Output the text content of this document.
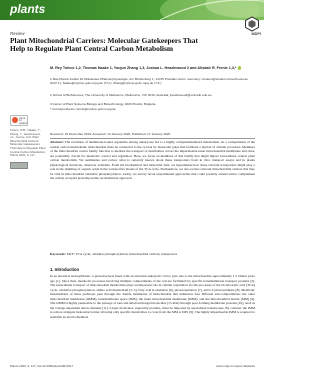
plants
MDPI
Review
Plant Mitochondrial Carriers: Molecular Gatekeepers That Help to Regulate Plant Central Carbon Metabolism
M. Rey Toleco 1,2, Thomas Naake 1, Youjun Zhang 1,3, Joshua L. Heazlewood 2 and Alisdair R. Fernie 1,3,*
1 Max-Planck-Institut für Molekulare Pflanzenphysiologie, Am Mühlenberg 1, 14476 Potsdam-Golm, Germany; mtoleco@student.unimelb.edu.au (M.R.T.); Naake@mpimp-golm.mpg.de (T.N.); Zhang@mpimp-golm.mpg.de (Y.Z.)
2 School of BioSciences, The University of Melbourne, Melbourne, VIC 3010, Australia; jheazlewood@unimelb.edu.au
3 Center of Plant Systems Biology and Biotechnology, 4000 Plovdiv, Bulgaria
* Correspondence: fernie@mpimp-golm.mpg.de
check for updates
Toleco, M.R.; Naake, T.; Zhang, Y.; Heazlewood, J.L.; Fernie, A.R. Plant Mitochondrial Carriers: Molecular Gatekeepers That Help to Regulate Plant Central Carbon Metabolism. Plants 2020, 9, 117.
Received: 19 December 2019; Accepted: 13 January 2020; Published: 17 January 2020
Abstract: The evolution of membrane-bound organelles among eukaryotes led to a highly compartmentalized metabolism. As a compartment of the central carbon metabolism, mitochondria must be connected to the cytosol by molecular gates that facilitate a myriad of cellular processes. Members of the mitochondrial carrier family function to mediate the transport of metabolites across the impermeable inner mitochondrial membrane and, thus, are potentially crucial for metabolic control and regulation. Here, we focus on members of this family that might impact intracellular central plant carbon metabolism. We summarize and review what is currently known about these transporters from in vitro transport assays and in planta physiological functions, wherever available. From the biochemical and molecular data, we hypothesize how these relevant transporters might play a role in the shuttling of organic acids in the various flux modes of the TCA cycle. Furthermore, we also review relevant mitochondrial carriers that may be vital in mitochondrial oxidative phosphorylation. Lastly, we survey novel experimental approaches that could possibly extend and/or complement the widely accepted proteoliposome reconstitution approach.
Keywords: MCF; TCA cycle; oxidative phosphorylation; mitochondrial carriers; transporters
1. Introduction
In an ancestral endosymbiotic α-proteobacteria fused with an ancestral eukaryotic cell to give rise to the mitochondria approximately 1.5 billion years ago [1]. Since then, metabolic processes involving multiple compartments of the cell are facilitated by specific transmembrane transport proteins [2]. The intracellular transport of mitochondrial metabolites plays an important role in cellular respiration via the processes of the tricarboxylic acid (TCA) cycle, oxidative phosphorylation, amino acid metabolism [3–5], fatty acid β-oxidation [6], photorespiration [7], and C4 photosynthesis [8]. Metabolic intermediates of these pathways pass through the double membrane of mitochondria that delineates four different sub-compartments: the outer mitochondrial membrane (OMM), intermembrane space (IMS), the inner mitochondrial membrane (IMM), and the mitochondrial matrix (MM) [9]. The OMM is highly permeable to the passage of ions and small uncharged molecules (≤5 kDa) through pore-forming membrane proteins [10], such as the voltage-dependent anion channels [11]. Larger molecules, especially proteins, must be imported by specialized translocases. By contrast, the IMM is a more stringent molecular barrier allowing only specific metabolites to cross from the MM to IMS [9]. The highly impermeable IMM is required to establish an electrochemical
Plants 2020, 9, 117; doi:10.3390/plants9010117	www.mdpi.com/journal/plants
